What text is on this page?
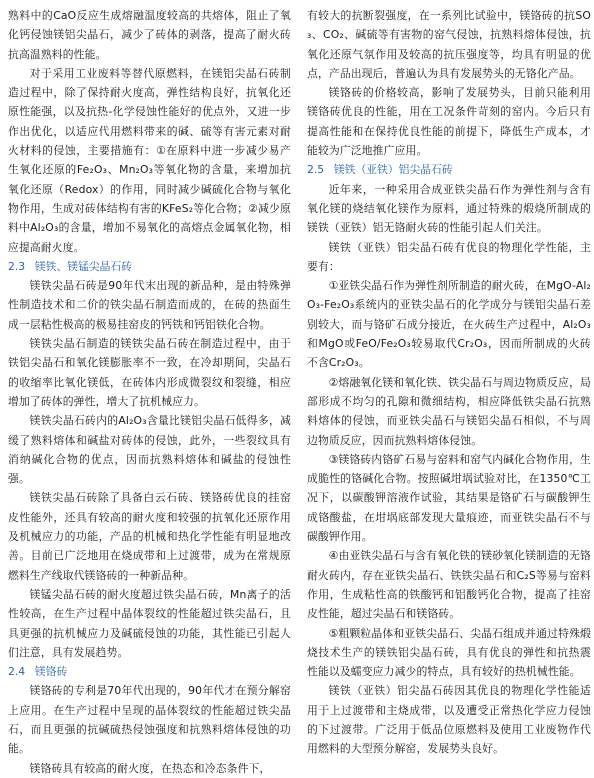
熟料中的CaO反应生成熔融温度较高的共熔体，阻止了氧化钙侵蚀镁铝尖晶石，减少了砖体的剥落，提高了耐火砖抗高温熟料的性能。

对于采用工业废料等替代原燃料，在镁铝尖晶石砖制造过程中，除了保持耐火度高，弹性结构良好，抗氧化还原性能强，以及抗热-化学侵蚀性能好的优点外，又进一步作出优化，以适应代用燃料带来的碱、硫等有害元素对耐火材料的侵蚀，主要措施有：①在原料中进一步减少易产生氧化还原的Fe₂O₃、Mn₂O₃等氧化物的含量，来增加抗氧化还原（Redox）的作用，同时减少碱硫化合物与氧化物作用，生成对砖体结构有害的KFeS₂等化合物；②减少原料中Al₂O₃的含量，增加不易氧化的高熔点金属氧化物，相应提高耐火度。

2.3 镁铁、镁锰尖晶石砖

镁铁尖晶石砖是90年代末出现的新品种，是由特殊弹性制造技术和二价的铁尖晶石制造而成的，在砖的热面生成一层粘性极高的极易挂窑皮的钙铁和钙铝铁化合物。

镁铁尖晶石制造的镁铁尖晶石砖在制造过程中，由于铁铝尖晶石和氧化镁膨胀率不一致，在冷却期间，尖晶石的收缩率比氧化镁低，在砖体内形成微裂纹和裂缝，相应增加了砖体的弹性，增大了抗机械应力。

镁铁尖晶石砖内的Al₂O₃含量比镁铝尖晶石低得多，减缓了熟料熔体和碱盐对砖体的侵蚀，此外，一些裂纹具有消纳碱化合物的优点，因而抗熟料熔体和碱盐的侵蚀性强。

镁铁尖晶石砖除了具备白云石砖、镁铬砖优良的挂窑皮性能外，还具有较高的耐火度和较强的抗氧化还原作用及机械应力的功能，产品的机械和热化学性能有明显地改善。目前已广泛地用在烧成带和上过渡带，成为在常规原燃料生产线取代镁铬砖的一种新品种。

镁锰尖晶石砖的耐火度超过铁尖晶石砖，Mn离子的活性较高，在生产过程中晶体裂纹的性能超过铁尖晶石，且具更强的抗机械应力及碱硫侵蚀的功能，其性能已引起人们注意，具有发展趋势。

2.4 镁铬砖

镁铬砖的专利是70年代出现的，90年代才在预分解窑上应用。在生产过程中呈现的晶体裂纹的性能超过铁尖晶石，而且更强的抗碱硫热侵蚀强度和抗熟料熔体侵蚀的功能。

镁铬砖具有较高的耐火度，在热态和冷态条件下，

有较大的抗断裂强度，在一系列比试验中，镁铬砖的抗SO₃、CO₂、碱硫等有害物的窑气侵蚀，抗熟料熔体侵蚀，抗氧化还原气氛作用及较高的抗压强度等，均具有明显的优点，产品出现后，普遍认为具有发展势头的无铬化产品。

镁铬砖的价格较高，影响了发展势头，目前只能利用镁铬砖优良的性能，用在工况条件苛刻的窑内。今后只有提高性能和在保持优良性能的前提下，降低生产成本，才能较为广泛地推广应用。

2.5 镁铁（亚铁）铝尖晶石砖

近年来，一种采用合成亚铁尖晶石作为弹性剂与含有氧化镁的烧结氧化镁作为原料，通过特殊的煅烧所制成的镁铁（亚铁）铝无铬耐火砖的性能引起人们关注。

镁铁（亚铁）铝尖晶石砖有优良的物理化学性能，主要有：

①亚铁尖晶石作为弹性剂所制造的耐火砖，在MgO-Al₂O₃-Fe₂O₃系统内的亚铁尖晶石的化学成分与镁铝尖晶石差别较大，而与铬矿石成分接近，在火砖生产过程中，Al₂O₃和MgO或FeO/Fe₂O₃较易取代Cr₂O₃，因而所制成的火砖不含Cr₂O₃。

②熔融氧化镁和氧化铁、铁尖晶石与周边物质反应，局部形成不均匀的孔隙和微细结构，相应降低铁尖晶石抗熟料熔体的侵蚀，而亚铁尖晶石与镁铝尖晶石相似，不与周边物质反应，因而抗熟料熔体侵蚀。

③镁铬砖内铬矿石易与窑料和窑气内碱化合物作用，生成脆性的铬碱化合物。按照碱坩埚试验对比，在1350℃工况下，以碳酸钾溶液作试验，其结果是铬矿石与碳酸钾生成铬酸盐，在坩埚底部发现大量痕迹，而亚铁尖晶石不与碳酸钾作用。

④由亚铁尖晶石与含有氧化铁的镁砂氧化镁制造的无铬耐火砖内，存在亚铁尖晶石、铁铁尖晶石和C₂S等易与窑料作用，生成粘性高的铁酸钙和铝酸钙化合物，提高了挂窑皮性能，超过尖晶石和镁铬砖。

⑤粗颗粒晶体和亚铁尖晶石、尖晶石组成并通过特殊煅烧技术生产的镁铁铝尖晶石砖，具有优良的弹性和抗热震性能以及蠕变应力减少的特点，具有较好的热机械性能。

镁铁（亚铁）铝尖晶石砖因其优良的物理化学性能适用于上过渡带和主烧成带，以及遭受正常热化学应力侵蚀的下过渡带。广泛用于低品位原燃料及使用工业废物作代用燃料的大型预分解窑，发展势头良好。
